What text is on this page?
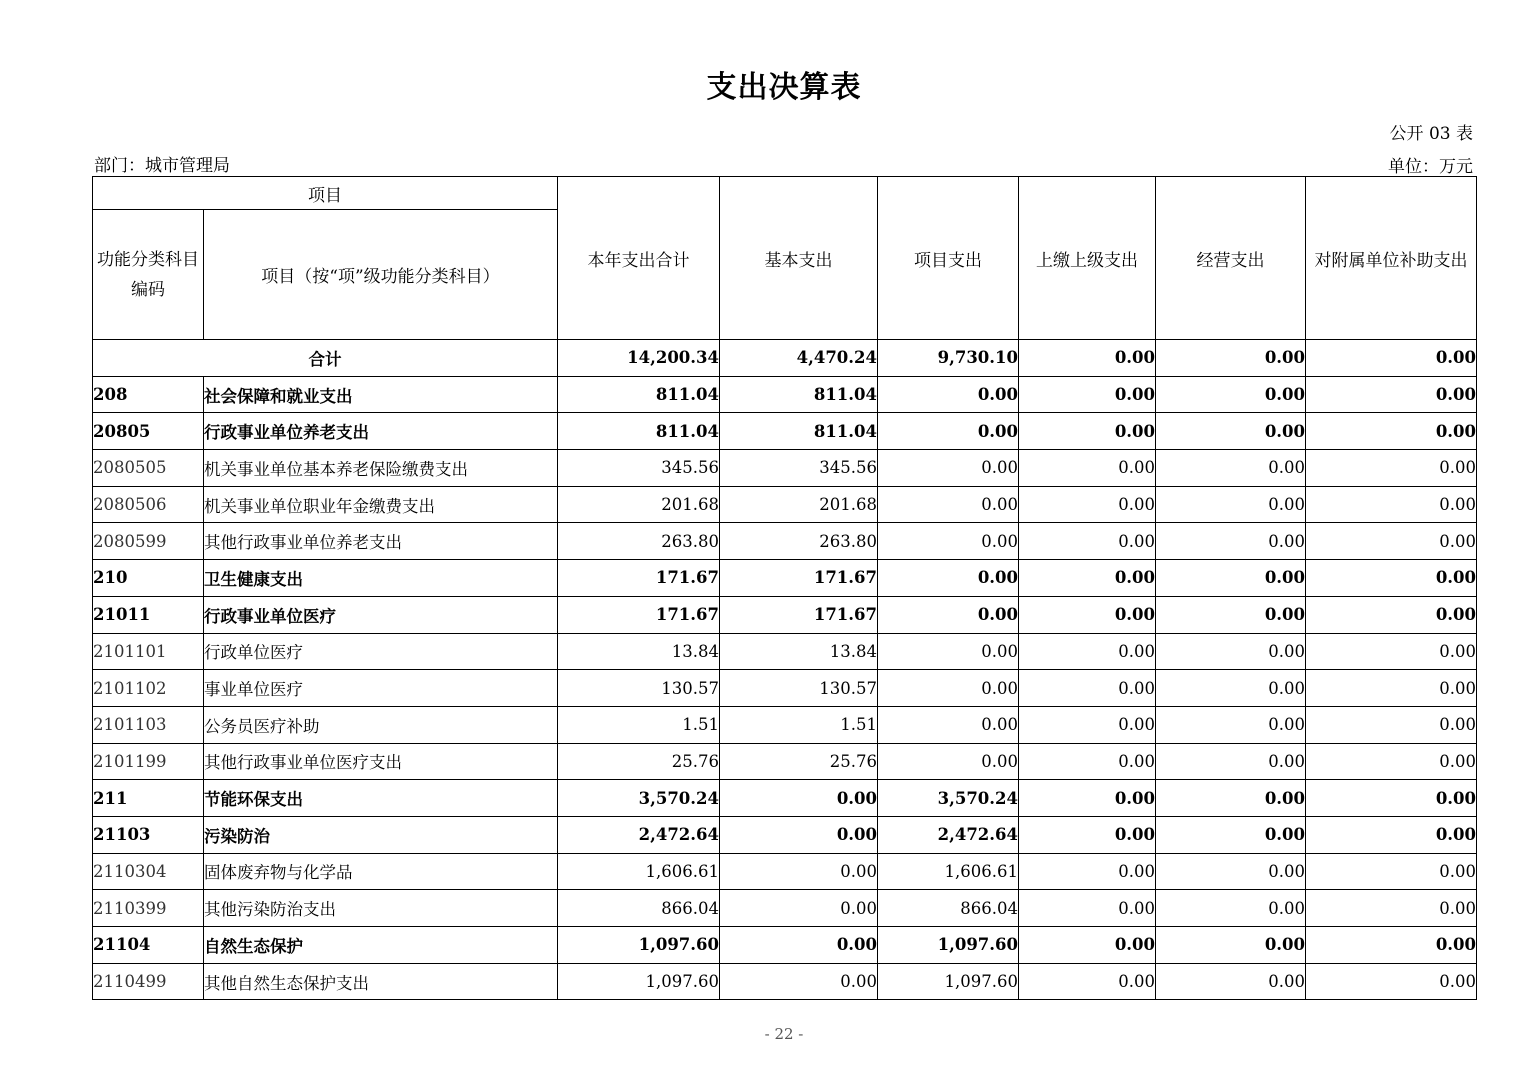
支出决算表
公开 03 表
部门：城市管理局	单位：万元
项目		本年支出合计	基本支出	项目支出	上缴上级支出	经营支出	对附属单位补助支出
功能分类科目编码	项目（按“项”级功能分类科目）						
合计		14,200.34	4,470.24	9,730.10	0.00	0.00	0.00
208	社会保障和就业支出	811.04	811.04	0.00	0.00	0.00	0.00
20805	行政事业单位养老支出	811.04	811.04	0.00	0.00	0.00	0.00
2080505	机关事业单位基本养老保险缴费支出	345.56	345.56	0.00	0.00	0.00	0.00
2080506	机关事业单位职业年金缴费支出	201.68	201.68	0.00	0.00	0.00	0.00
2080599	其他行政事业单位养老支出	263.80	263.80	0.00	0.00	0.00	0.00
210	卫生健康支出	171.67	171.67	0.00	0.00	0.00	0.00
21011	行政事业单位医疗	171.67	171.67	0.00	0.00	0.00	0.00
2101101	行政单位医疗	13.84	13.84	0.00	0.00	0.00	0.00
2101102	事业单位医疗	130.57	130.57	0.00	0.00	0.00	0.00
2101103	公务员医疗补助	1.51	1.51	0.00	0.00	0.00	0.00
2101199	其他行政事业单位医疗支出	25.76	25.76	0.00	0.00	0.00	0.00
211	节能环保支出	3,570.24	0.00	3,570.24	0.00	0.00	0.00
21103	污染防治	2,472.64	0.00	2,472.64	0.00	0.00	0.00
2110304	固体废弃物与化学品	1,606.61	0.00	1,606.61	0.00	0.00	0.00
2110399	其他污染防治支出	866.04	0.00	866.04	0.00	0.00	0.00
21104	自然生态保护	1,097.60	0.00	1,097.60	0.00	0.00	0.00
2110499	其他自然生态保护支出	1,097.60	0.00	1,097.60	0.00	0.00	0.00
- 22 -
